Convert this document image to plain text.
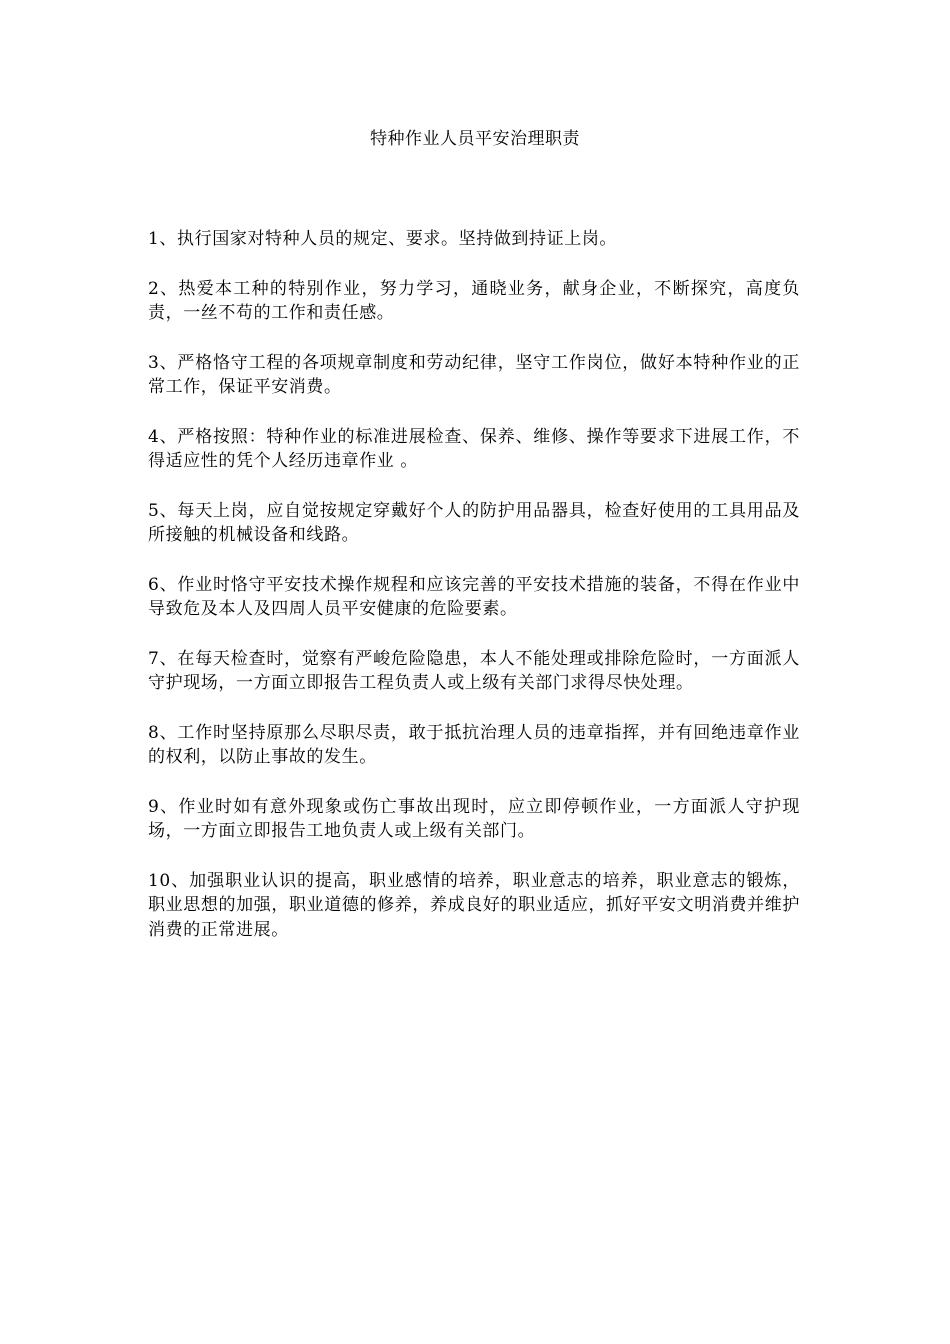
特种作业人员平安治理职责
1、执行国家对特种人员的规定、要求。坚持做到持证上岗。
2、热爱本工种的特别作业，努力学习，通晓业务，献身企业，不断探究，高度负责，一丝不苟的工作和责任感。
3、严格恪守工程的各项规章制度和劳动纪律，坚守工作岗位，做好本特种作业的正常工作，保证平安消费。
4、严格按照：特种作业的标准进展检查、保养、维修、操作等要求下进展工作，不得适应性的凭个人经历违章作业 。
5、每天上岗，应自觉按规定穿戴好个人的防护用品器具，检查好使用的工具用品及所接触的机械设备和线路。
6、作业时恪守平安技术操作规程和应该完善的平安技术措施的装备，不得在作业中导致危及本人及四周人员平安健康的危险要素。
7、在每天检查时，觉察有严峻危险隐患，本人不能处理或排除危险时，一方面派人守护现场，一方面立即报告工程负责人或上级有关部门求得尽快处理。
8、工作时坚持原那么尽职尽责，敢于抵抗治理人员的违章指挥，并有回绝违章作业的权利，以防止事故的发生。
9、作业时如有意外现象或伤亡事故出现时，应立即停顿作业，一方面派人守护现场，一方面立即报告工地负责人或上级有关部门。
10、加强职业认识的提高，职业感情的培养，职业意志的培养，职业意志的锻炼，职业思想的加强，职业道德的修养，养成良好的职业适应，抓好平安文明消费并维护消费的正常进展。
